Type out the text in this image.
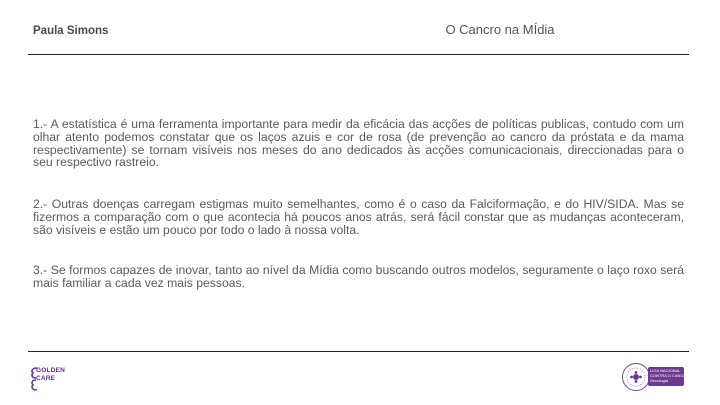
Paula Simons	O Cancro na MÍdia

1.- A estatística é uma ferramenta importante para medir da eficácia das acções de políticas publicas, contudo com um olhar atento podemos constatar que os laços azuis e cor de rosa (de prevenção ao cancro da próstata e da mama respectivamente) se tornam visíveis nos meses do ano dedicados às acções comunicacionais, direccionadas para o seu respectivo rastreio.

2.- Outras doenças carregam estigmas muito semelhantes, como é o caso da Falciformação, e do HIV/SIDA. Mas se fizermos a comparação com o que acontecia há poucos anos atrás, será fácil constar que as mudanças aconteceram, são visíveis e estão um pouco por todo o lado à nossa volta.

3.- Se formos capazes de inovar, tanto ao nível da Mídia como buscando outros modelos, seguramente o laço roxo será mais familiar a cada vez mais pessoas.

GOLDEN
CARE
LIGA NACIONAL
CONTRA O CANCRO
Oncologia
